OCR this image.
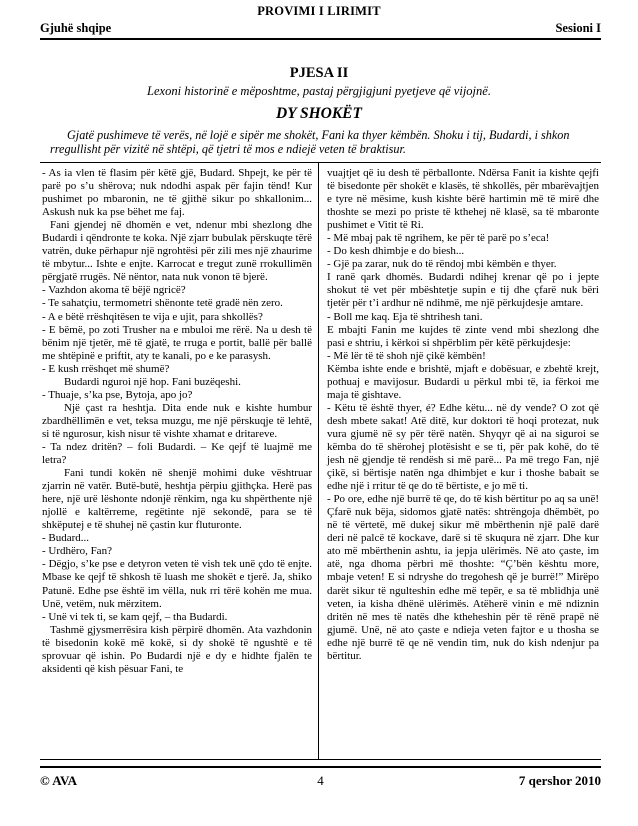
PROVIMI I LIRIMIT
Gjuhë shqipe	Sesioni I
PJESA II
Lexoni historinë e mëposhtme, pastaj përgjigjuni pyetjeve që vijojnë.
DY SHOKËT
Gjatë pushimeve të verës, në lojë e sipër me shokët, Fani ka thyer këmbën. Shoku i tij, Budardi, i shkon rregullisht për vizitë në shtëpi, që tjetri të mos e ndiejë veten të braktisur.

- As ia vlen të flasim për këtë gjë, Budard. Shpejt, ke për të parë po s’u shërova; nuk ndodhi aspak për fajin tënd! Kur pushimet po mbaronin, ne të gjithë sikur po shkallonim... Askush nuk ka pse bëhet me faj.

Fani gjendej në dhomën e vet, ndenur mbi shezlong dhe Budardi i qëndronte te koka. Një zjarr bubulak përskuqte tërë vatrën, duke përhapur një ngrohtësi për zili mes një zhaurime të mbytur... Ishte e enjte. Karrocat e tregut zunë rrokullimën përgjatë rrugës. Në nëntor, nata nuk vonon të bjerë.

- Vazhdon akoma të bëjë ngricë?

- Te sahatçiu, termometri shënonte tetë gradë nën zero.

- A e bëtë rrëshqitësen te vija e ujit, para shkollës?

- E bëmë, po zoti Trusher na e mbuloi me rërë. Na u desh të bënim një tjetër, më të gjatë, te rruga e portit, ballë për ballë me shtëpinë e priftit, aty te kanali, po e ke parasysh.

- E kush rrëshqet më shumë?

Budardi nguroi një hop. Fani buzëqeshi.

- Thuaje, s’ka pse, Bytoja, apo jo?

Një çast ra heshtja. Dita ende nuk e kishte humbur zbardhëllimën e vet, teksa muzgu, me një përskuqje të lehtë, si të ngurosur, kish nisur të vishte xhamat e dritareve.

- Ta ndez dritën? – foli Budardi. – Ke qejf të luajmë me letra?

Fani tundi kokën në shenjë mohimi duke vështruar zjarrin në vatër. Butë-butë, heshtja përpiu gjithçka. Herë pas here, një urë lëshonte ndonjë rënkim, nga ku shpërthente një njollë e kaltërreme, regëtinte një sekondë, para se të shkëputej e të shuhej në çastin kur fluturonte.

- Budard...

- Urdhëro, Fan?

- Dëgjo, s’ke pse e detyron veten të vish tek unë çdo të enjte. Mbase ke qejf të shkosh të luash me shokët e tjerë. Ja, shiko Patunë. Edhe pse është im vëlla, nuk rri tërë kohën me mua. Unë, vetëm, nuk mërzitem.

- Unë vi tek ti, se kam qejf, – tha Budardi.

Tashmë gjysmerrësira kish përpirë dhomën. Ata vazhdonin të bisedonin kokë më kokë, si dy shokë të ngushtë e të sprovuar që ishin. Po Budardi një e dy e hidhte fjalën te aksidenti që kish pësuar Fani, te

vuajtjet që iu desh të përballonte. Ndërsa Fanit ia kishte qejfi të bisedonte për shokët e klasës, të shkollës, për mbarëvajtjen e tyre në mësime, kush kishte bërë hartimin më të mirë dhe thoshte se mezi po priste të kthehej në klasë, sa të mbaronte pushimet e Vitit të Ri.

- Më mbaj pak të ngrihem, ke për të parë po s’eca!

- Do kesh dhimbje e do biesh...

- Gjë pa zarar, nuk do të rëndoj mbi këmbën e thyer.

I ranë qark dhomës. Budardi ndihej krenar që po i jepte shokut të vet për mbështetje supin e tij dhe çfarë nuk bëri tjetër për t’i ardhur në ndihmë, me një përkujdesje amtare.

- Boll me kaq. Eja të shtrihesh tani.

E mbajti Fanin me kujdes të zinte vend mbi shezlong dhe pasi e shtriu, i kërkoi si shpërblim për këtë përkujdesje:

- Më lër të të shoh një çikë këmbën!

Këmba ishte ende e brishtë, mjaft e dobësuar, e zbehtë krejt, pothuaj e mavijosur. Budardi u përkul mbi të, ia fërkoi me maja të gishtave.

- Këtu të është thyer, é? Edhe këtu... në dy vende? O zot që desh mbete sakat! Atë ditë, kur doktori të hoqi protezat, nuk vura gjumë në sy për tërë natën. Shyqyr që ai na siguroi se këmba do të shërohej plotësisht e se ti, për pak kohë, do të jesh në gjendje të rendësh si më parë... Pa më trego Fan, një çikë, si bërtisje natën nga dhimbjet e kur i thoshe babait se edhe një i rritur të qe do të bërtiste, e jo më ti.

- Po ore, edhe një burrë të qe, do të kish bërtitur po aq sa unë! Çfarë nuk bëja, sidomos gjatë natës: shtrëngoja dhëmbët, po në të vërtetë, më dukej sikur më mbërthenin një palë darë deri në palcë të kockave, darë si të skuqura në zjarr. Dhe kur ato më mbërthenin ashtu, ia jepja ulërimës. Në ato çaste, im atë, nga dhoma përbri më thoshte: “Ç’bën kështu more, mbaje veten! E si ndryshe do tregohesh që je burrë!” Mirëpo darët sikur të ngulteshin edhe më tepër, e sa të mblidhja unë veten, ia kisha dhënë ulërimës. Atëherë vinin e më ndiznin dritën në mes të natës dhe ktheheshin për të rënë prapë në gjumë. Unë, në ato çaste e ndieja veten fajtor e u thosha se edhe një burrë të qe në vendin tim, nuk do kish ndenjur pa bërtitur.

© AVA	4	7 qershor 2010
